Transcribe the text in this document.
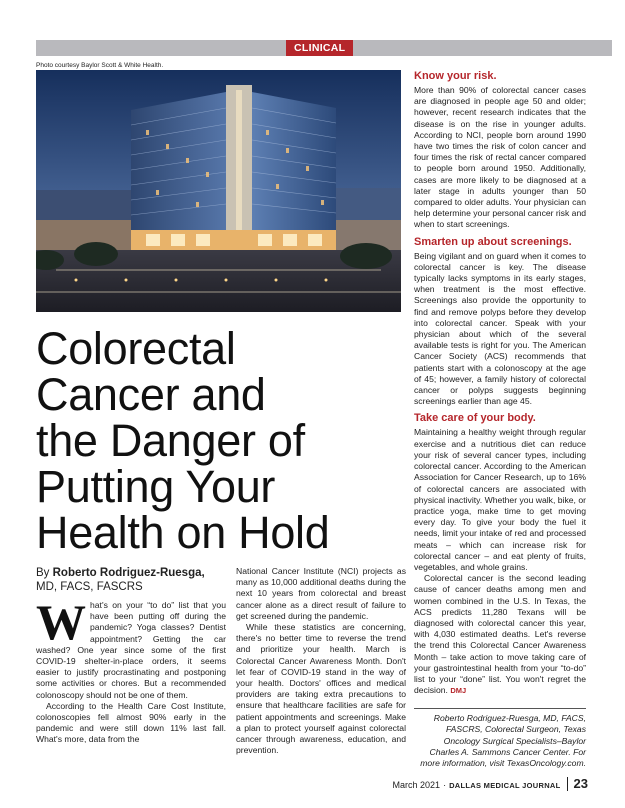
CLINICAL
Photo courtesy Baylor Scott & White Health.
Colorectal
Cancer and
the Danger of
Putting Your
Health on Hold
By Roberto Rodriguez-Ruesga,
MD, FACS, FASCRS

What's on your “to do” list that you have been putting off during the pandemic? Yoga classes? Dentist appointment? Getting the car washed? One year since some of the first COVID-19 shelter-in-place orders, it seems easier to justify procrastinating and postponing some activities or chores. But a recommended colonoscopy should not be one of them.

According to the Health Care Cost Institute, colonoscopies fell almost 90% early in the pandemic and were still down 11% last fall. What's more, data from the

National Cancer Institute (NCI) projects as many as 10,000 additional deaths during the next 10 years from colorectal and breast cancer alone as a direct result of failure to get screened during the pandemic.

While these statistics are concerning, there's no better time to reverse the trend and prioritize your health. March is Colorectal Cancer Awareness Month. Don't let fear of COVID-19 stand in the way of your health. Doctors' offices and medical providers are taking extra precautions to ensure that healthcare facilities are safe for patient appointments and screenings. Make a plan to protect yourself against colorectal cancer through awareness, education, and prevention.

Know your risk.

More than 90% of colorectal cancer cases are diagnosed in people age 50 and older; however, recent research indicates that the disease is on the rise in younger adults. According to NCI, people born around 1990 have two times the risk of colon cancer and four times the risk of rectal cancer compared to people born around 1950. Additionally, cases are more likely to be diagnosed at a later stage in adults younger than 50 compared to older adults. Your physician can help determine your personal cancer risk and when to start screenings.

Smarten up about screenings.

Being vigilant and on guard when it comes to colorectal cancer is key. The disease typically lacks symptoms in its early stages, when treatment is the most effective. Screenings also provide the opportunity to find and remove polyps before they develop into colorectal cancer. Speak with your physician about which of the several available tests is right for you. The American Cancer Society (ACS) recommends that patients start with a colonoscopy at the age of 45; however, a family history of colorectal cancer or polyps suggests beginning screenings earlier than age 45.

Take care of your body.

Maintaining a healthy weight through regular exercise and a nutritious diet can reduce your risk of several cancer types, including colorectal cancer. According to the American Association for Cancer Research, up to 16% of colorectal cancers are associated with physical inactivity. Whether you walk, bike, or practice yoga, make time to get moving every day. To give your body the fuel it needs, limit your intake of red and processed meats – which can increase risk for colorectal cancer – and eat plenty of fruits, vegetables, and whole grains.

Colorectal cancer is the second leading cause of cancer deaths among men and women combined in the U.S. In Texas, the ACS predicts 11,280 Texans will be diagnosed with colorectal cancer this year, with 4,030 estimated deaths. Let's reverse the trend this Colorectal Cancer Awareness Month – take action to move taking care of your gastrointestinal health from your “to-do” list to your “done” list. You won't regret the decision. DMJ

Roberto Rodriguez-Ruesga, MD, FACS, FASCRS, Colorectal Surgeon, Texas Oncology Surgical Specialists–Baylor Charles A. Sammons Cancer Center. For more information, visit TexasOncology.com.
March 2021 · DALLAS MEDICAL JOURNAL 23
